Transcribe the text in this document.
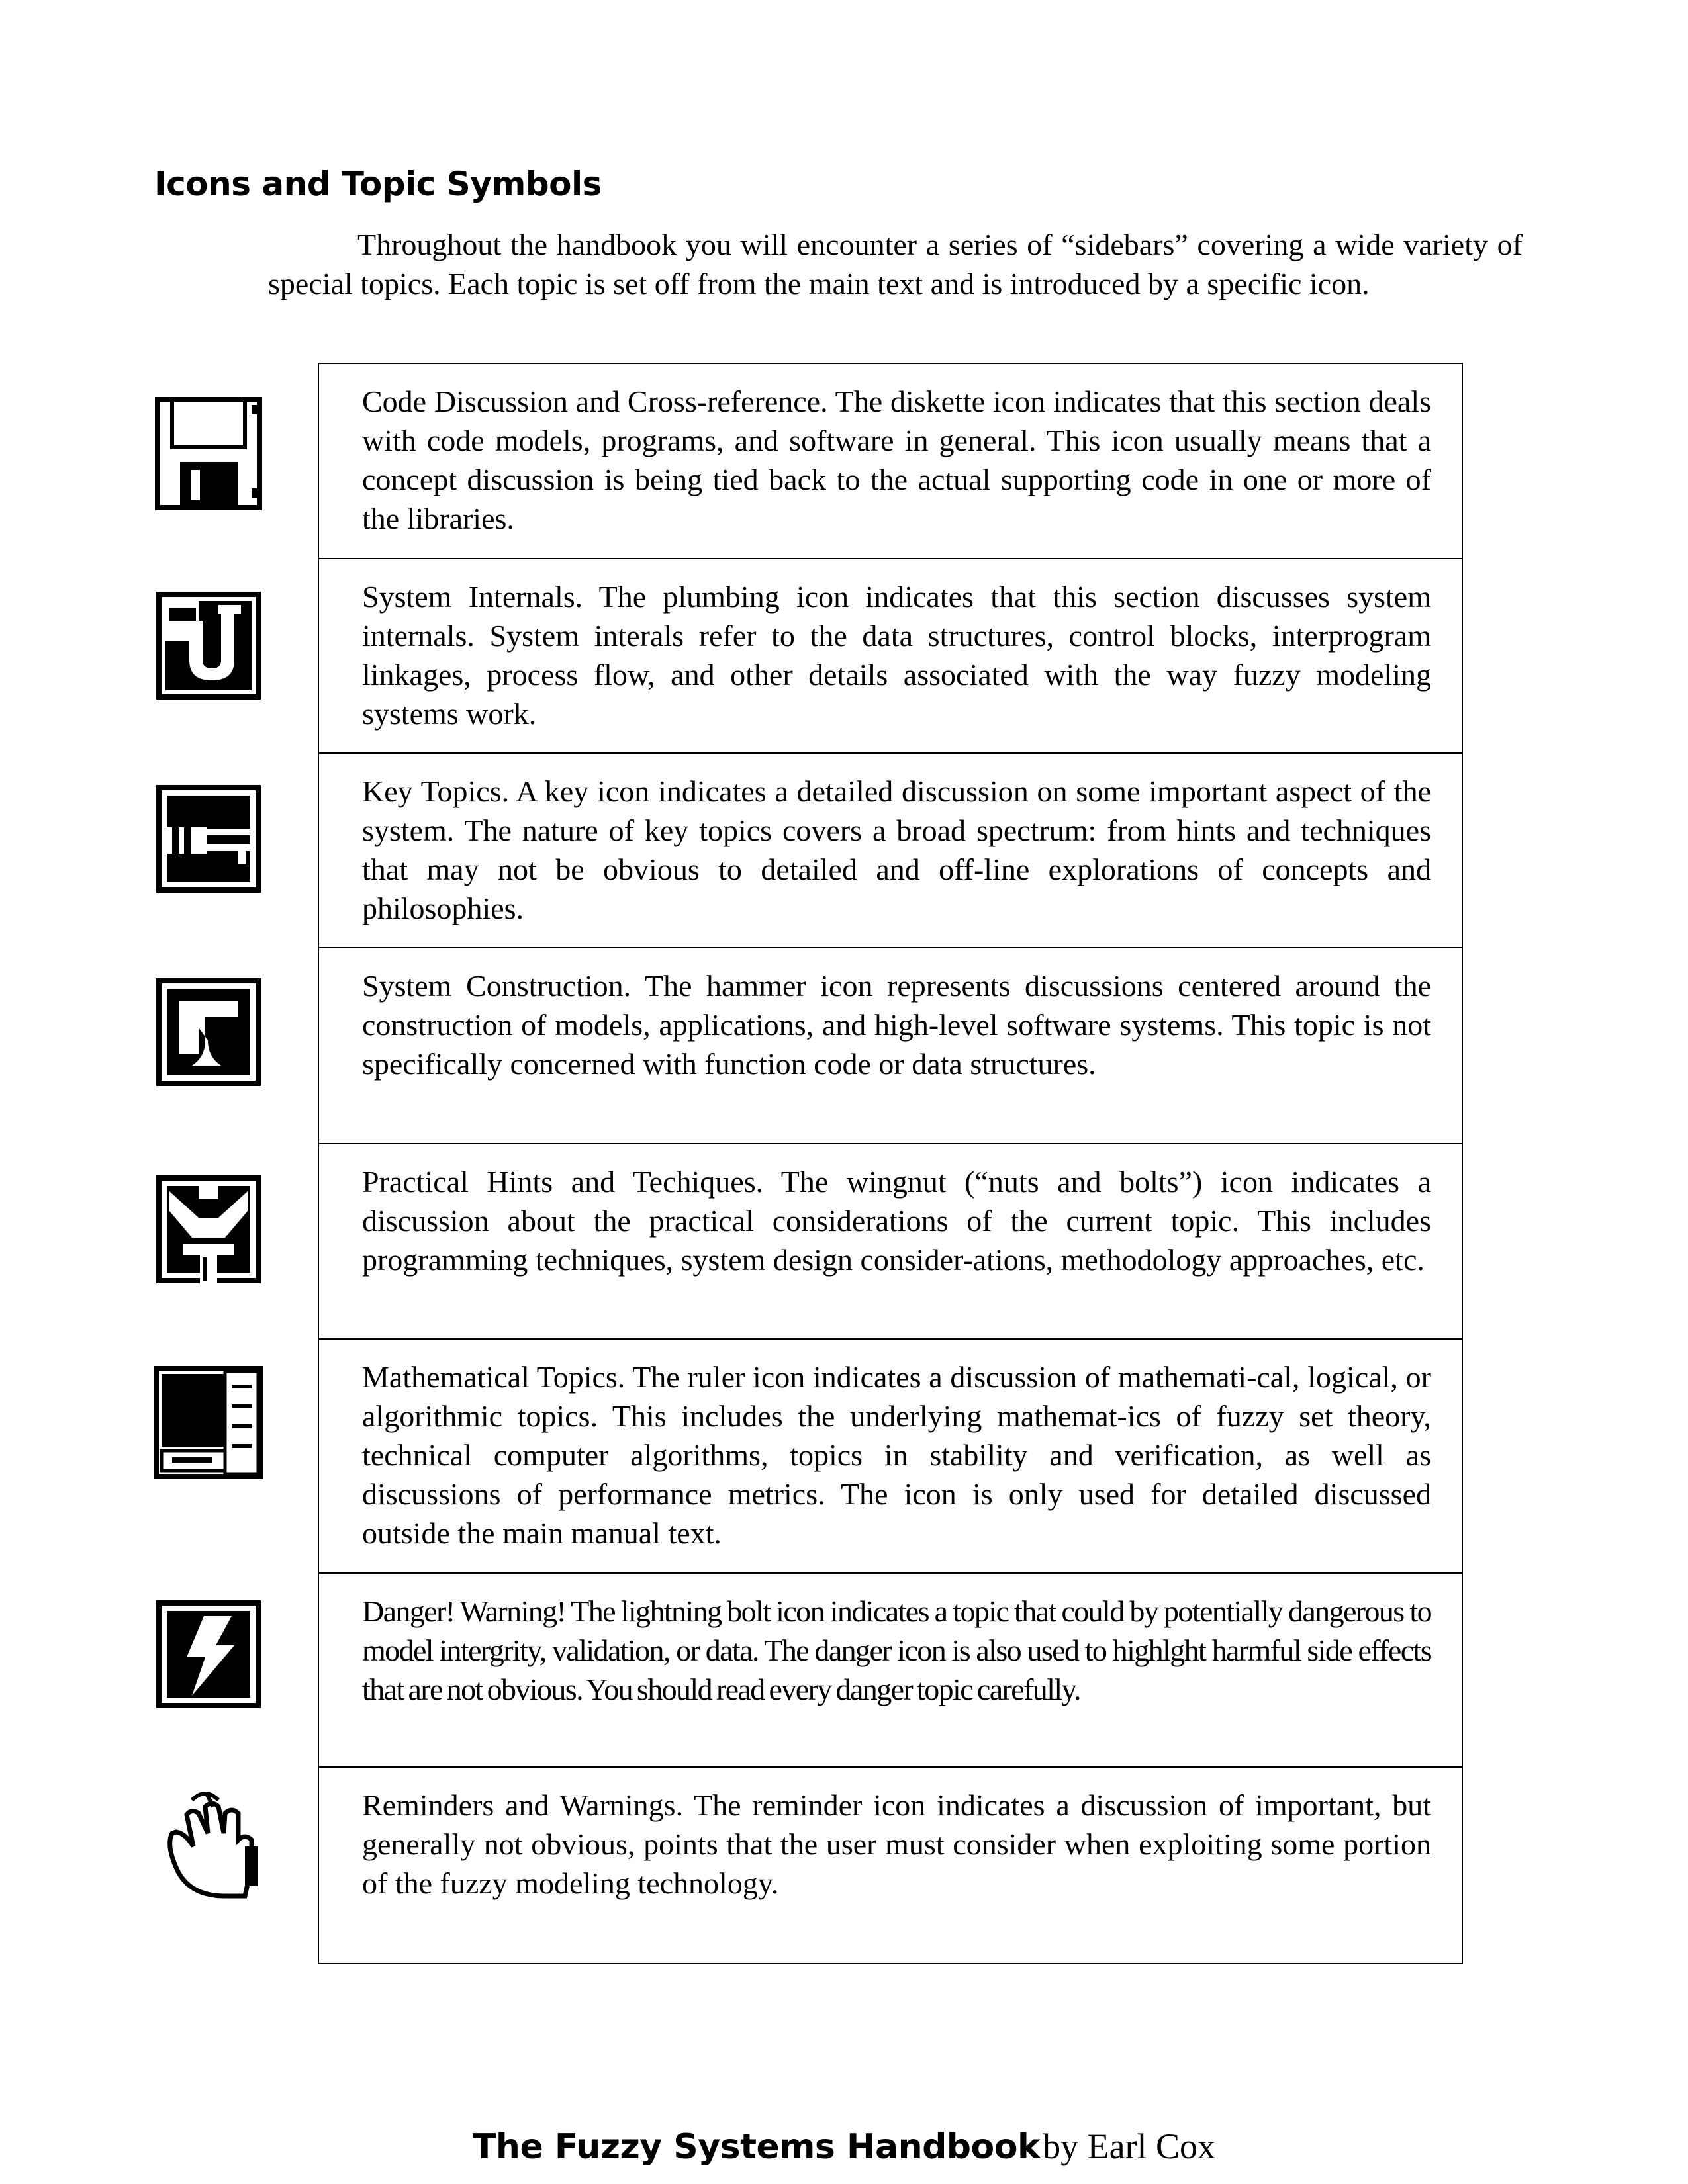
Icons and Topic Symbols

Throughout the handbook you will encounter a series of “sidebars” covering a wide variety of special topics. Each topic is set off from the main text and is introduced by a specific icon.

Code Discussion and Cross-reference. The diskette icon indicates that this section deals with code models, programs, and software in general. This icon usually means that a concept discussion is being tied back to the actual supporting code in one or more of the libraries.

System Internals. The plumbing icon indicates that this section discusses system internals. System interals refer to the data structures, control blocks, interprogram linkages, process flow, and other details associated with the way fuzzy modeling systems work.

Key Topics. A key icon indicates a detailed discussion on some important aspect of the system. The nature of key topics covers a broad spectrum: from hints and techniques that may not be obvious to detailed and off-line explorations of concepts and philosophies.

System Construction. The hammer icon represents discussions centered around the construction of models, applications, and high-level software systems. This topic is not specifically concerned with function code or data structures.

Practical Hints and Techiques. The wingnut (“nuts and bolts”) icon indicates a discussion about the practical considerations of the current topic. This includes programming techniques, system design consider-ations, methodology approaches, etc.

Mathematical Topics. The ruler icon indicates a discussion of mathemati-cal, logical, or algorithmic topics. This includes the underlying mathemat-ics of fuzzy set theory, technical computer algorithms, topics in stability and verification, as well as discussions of performance metrics. The icon is only used for detailed discussed outside the main manual text.

Danger! Warning! The lightning bolt icon indicates a topic that could by potentially dangerous to model intergrity, validation, or data. The danger icon is also used to highlght harmful side effects that are not obvious. You should read every danger topic carefully.

Reminders and Warnings. The reminder icon indicates a discussion of important, but generally not obvious, points that the user must consider when exploiting some portion of the fuzzy modeling technology.

The Fuzzy Systems Handbook by Earl Cox
